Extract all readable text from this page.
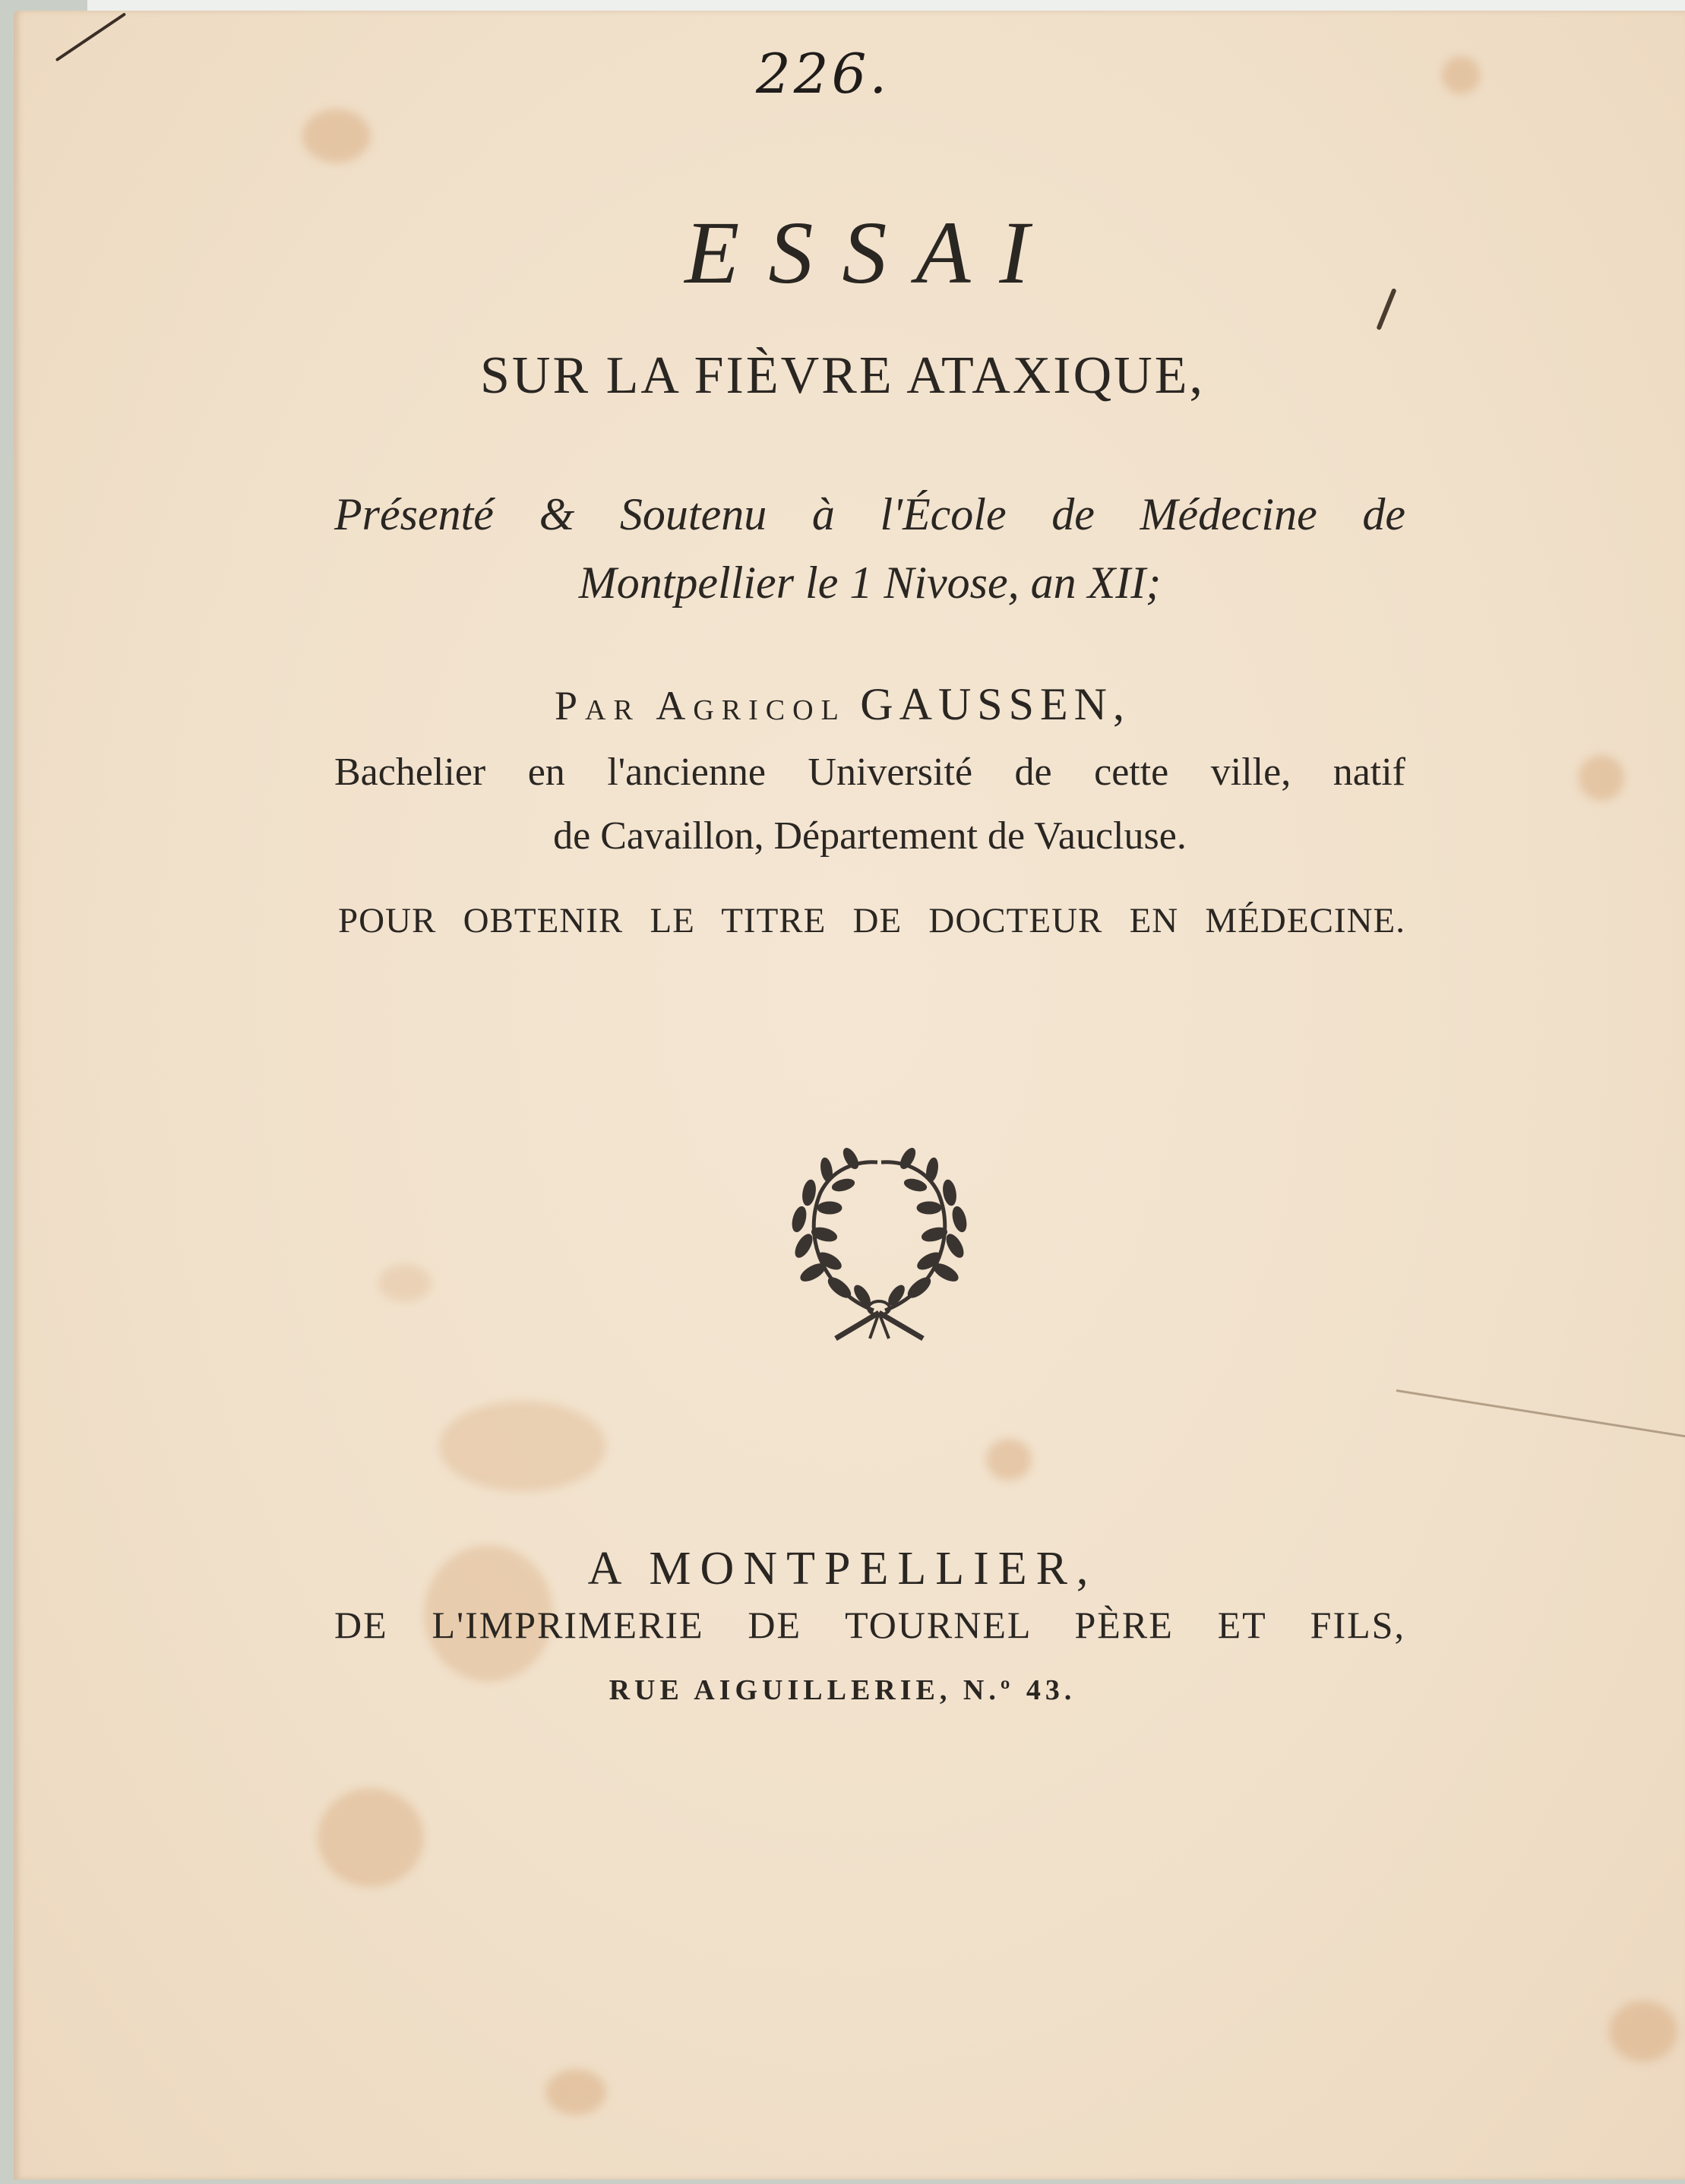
226.
ESSAI
SUR LA FIÈVRE ATAXIQUE,
Présenté & Soutenu à l'École de Médecine de
Montpellier le 1 Nivose, an XII;
Par Agricol GAUSSEN,
Bachelier en l'ancienne Université de cette ville, natif
de Cavaillon, Département de Vaucluse.
POUR OBTENIR LE TITRE DE DOCTEUR EN MÉDECINE.
A MONTPELLIER,
DE L'IMPRIMERIE DE TOURNEL PÈRE ET FILS,
RUE AIGUILLERIE, N.º 43.
